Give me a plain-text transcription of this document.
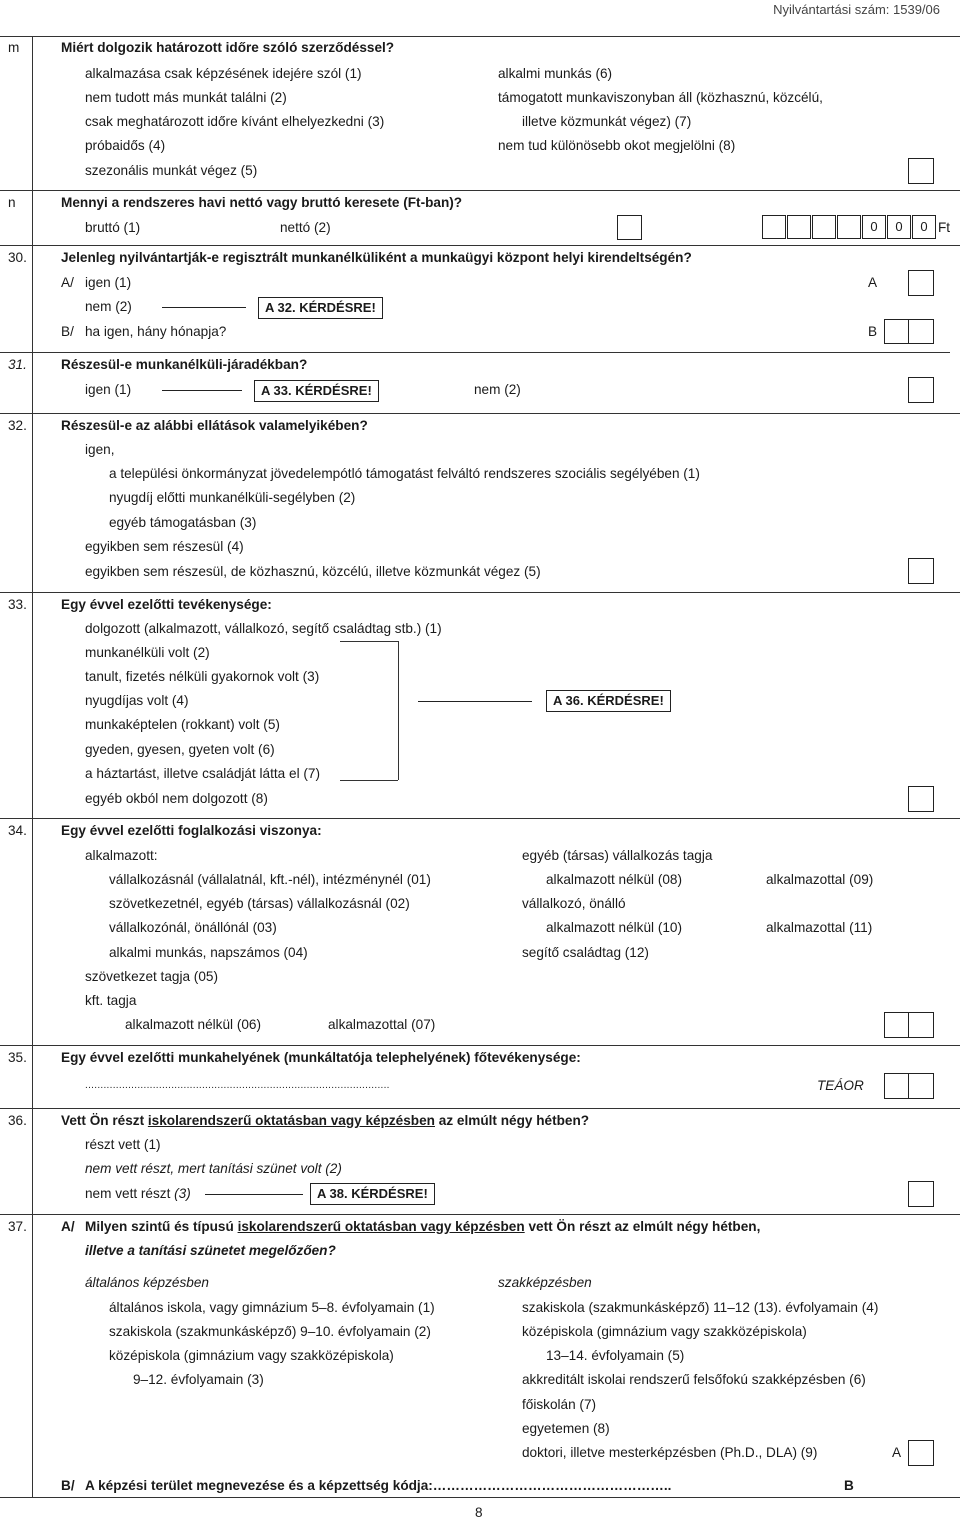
Nyilvántartási szám: 1539/06
m	Miért dolgozik határozott időre szóló szerződéssel?
alkalmazása csak képzésének idejére szól (1)
nem tudott más munkát találni (2)
csak meghatározott időre kívánt elhelyezkedni (3)
próbaidős (4)
szezonális munkát végez (5)
alkalmi munkás (6)
támogatott munkaviszonyban áll (közhasznú, közcélú,
illetve közmunkát végez) (7)
nem tud különösebb okot megjelölni (8)
n	Mennyi a rendszeres havi nettó vagy bruttó keresete (Ft-ban)?
bruttó (1)	nettó (2)	0	0	0 Ft
30.	Jelenleg nyilvántartják-e regisztrált munkanélküliként a munkaügyi központ helyi kirendeltségén?
A/ igen (1)
nem (2)	A 32. KÉRDÉSRE!
B/ ha igen, hány hónapja?
A
B
31.	Részesül-e munkanélküli-járadékban?
igen (1)	A 33. KÉRDÉSRE!	nem (2)
32.	Részesül-e az alábbi ellátások valamelyikében?
igen,
a települési önkormányzat jövedelempótló támogatást felváltó rendszeres szociális segélyében (1)
nyugdíj előtti munkanélküli-segélyben (2)
egyéb támogatásban (3)
egyikben sem részesül (4)
egyikben sem részesül, de közhasznú, közcélú, illetve közmunkát végez (5)
33.	Egy évvel ezelőtti tevékenysége:
dolgozott (alkalmazott, vállalkozó, segítő családtag stb.) (1)
munkanélküli volt (2)
tanult, fizetés nélküli gyakornok volt (3)
nyugdíjas volt (4)
munkaképtelen (rokkant) volt (5)
gyeden, gyesen, gyeten volt (6)
a háztartást, illetve családját látta el (7)
egyéb okból nem dolgozott (8)
A 36. KÉRDÉSRE!
34.	Egy évvel ezelőtti foglalkozási viszonya:
alkalmazott:
vállalkozásnál (vállalatnál, kft.-nél), intézménynél (01)
szövetkezetnél, egyéb (társas) vállalkozásnál (02)
vállalkozónál, önállónál (03)
alkalmi munkás, napszámos (04)
szövetkezet tagja (05)
kft. tagja
alkalmazott nélkül (06)	alkalmazottal (07)
egyéb (társas) vállalkozás tagja
alkalmazott nélkül (08)	alkalmazottal (09)
vállalkozó, önálló
alkalmazott nélkül (10)	alkalmazottal (11)
segítő családtag (12)
35.	Egy évvel ezelőtti munkahelyének (munkáltatója telephelyének) főtevékenysége:
...................................................................................................	TEÁOR
36.	Vett Ön részt iskolarendszerű oktatásban vagy képzésben az elmúlt négy hétben?
részt vett (1)
nem vett részt, mert tanítási szünet volt (2)
nem vett részt (3)	A 38. KÉRDÉSRE!
37.	A/ Milyen szintű és típusú iskolarendszerű oktatásban vagy képzésben vett Ön részt az elmúlt négy hétben,
illetve a tanítási szünetet megelőzően?
általános képzésben
általános iskola, vagy gimnázium 5–8. évfolyamain (1)
szakiskola (szakmunkásképző) 9–10. évfolyamain (2)
középiskola (gimnázium vagy szakközépiskola)
9–12. évfolyamain (3)
szakképzésben
szakiskola (szakmunkásképző) 11–12 (13). évfolyamain (4)
középiskola (gimnázium vagy szakközépiskola)
13–14. évfolyamain (5)
akkreditált iskolai rendszerű felsőfokú szakképzésben (6)
főiskolán (7)
egyetemen (8)
doktori, illetve mesterképzésben (Ph.D., DLA) (9)	A
B/ A képzési terület megnevezése és a képzettség kódja:……………………………………………..	B
8
